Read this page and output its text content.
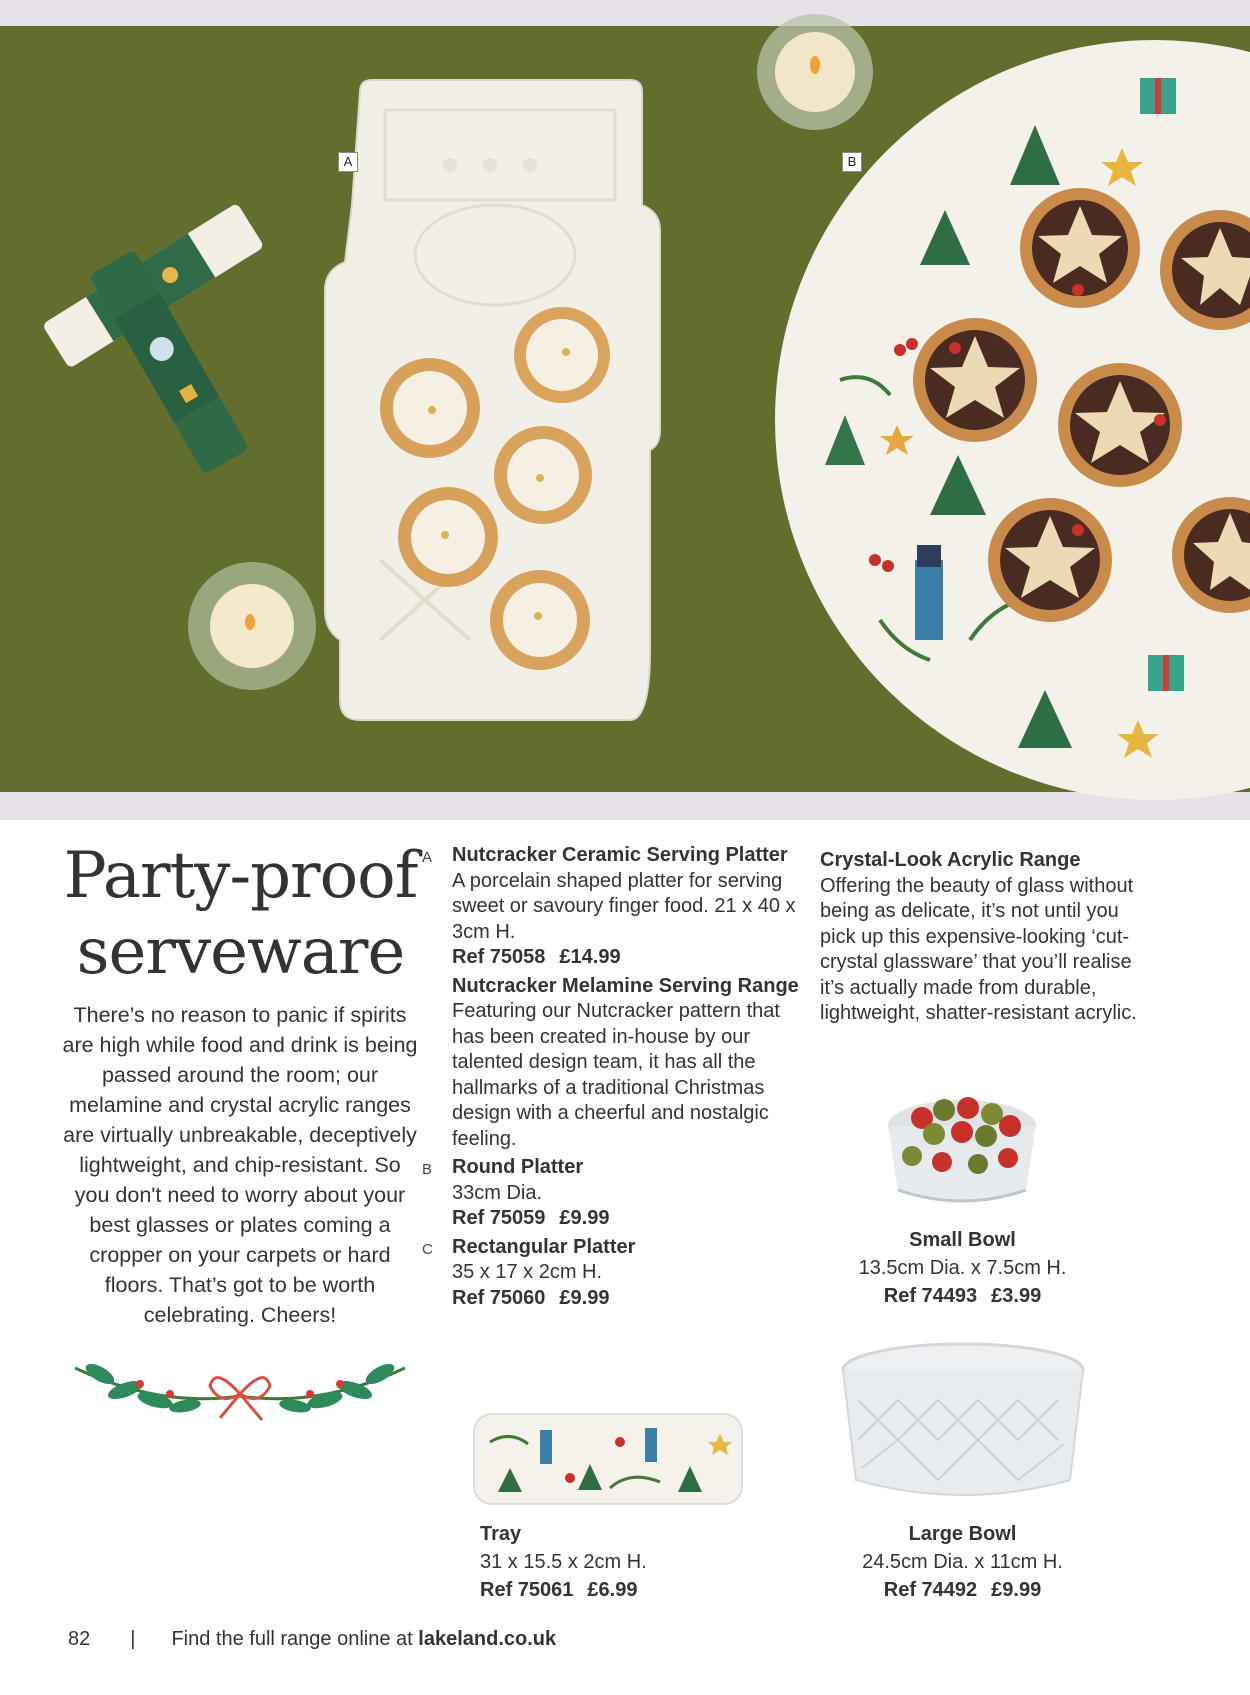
A	B
Party-proof
serveware
There’s no reason to panic if spirits are high while food and drink is being passed around the room; our melamine and crystal acrylic ranges are virtually unbreakable, deceptively lightweight, and chip-resistant. So you don't need to worry about your best glasses or plates coming a cropper on your carpets or hard floors. That’s got to be worth celebrating. Cheers!
A Nutcracker Ceramic Serving Platter
A porcelain shaped platter for serving sweet or savoury finger food. 21 x 40 x 3cm H.
Ref 75058 £14.99
Nutcracker Melamine Serving Range
Featuring our Nutcracker pattern that has been created in-house by our talented design team, it has all the hallmarks of a traditional Christmas design with a cheerful and nostalgic feeling.
B Round Platter
33cm Dia.
Ref 75059 £9.99
C Rectangular Platter
35 x 17 x 2cm H.
Ref 75060 £9.99
Tray
31 x 15.5 x 2cm H.
Ref 75061 £6.99
Crystal-Look Acrylic Range
Offering the beauty of glass without being as delicate, it’s not until you pick up this expensive-looking ‘cut-crystal glassware’ that you’ll realise it’s actually made from durable, lightweight, shatter-resistant acrylic.
Small Bowl
13.5cm Dia. x 7.5cm H.
Ref 74493 £3.99
Large Bowl
24.5cm Dia. x 11cm H.
Ref 74492 £9.99
82 | Find the full range online at lakeland.co.uk
